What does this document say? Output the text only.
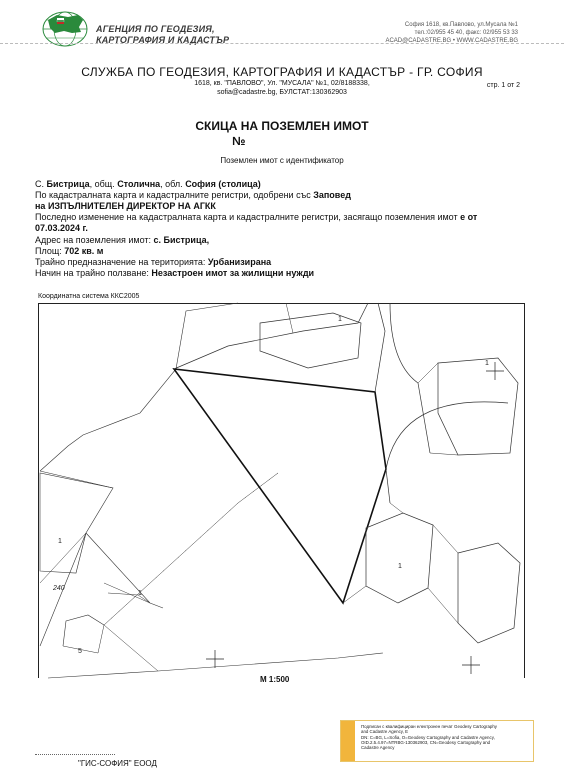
АГЕНЦИЯ ПО ГЕОДЕЗИЯ,
КАРТОГРАФИЯ И КАДАСТЪР
София 1618, кв.Павлово, ул.Мусала №1
тел.:02/955 45 40, факс: 02/955 53 33
ACAD@CADASTRE.BG • WWW.CADASTRE.BG
стр. 1 от 2
СЛУЖБА ПО ГЕОДЕЗИЯ, КАРТОГРАФИЯ И КАДАСТЪР - ГР. СОФИЯ
1618, кв. "ПАВЛОВО", Ул. "МУСАЛА" №1, 02/8188338,
sofia@cadastre.bg, БУЛСТАТ:130362903
СКИЦА НА ПОЗЕМЛЕН ИМОТ
№
Поземлен имот с идентификатор
С. Бистрица, общ. Столична, обл. София (столица)
По кадастралната карта и кадастралните регистри, одобрени със Заповед
на ИЗПЪЛНИТЕЛЕН ДИРЕКТОР НА АГКК
Последно изменение на кадастралната карта и кадастралните регистри, засягащо поземления имот е от
07.03.2024 г.
Адрес на поземления имот: с. Бистрица,
Площ: 702 кв. м
Трайно предназначение на територията: Урбанизирана
Начин на трайно ползване: Незастроен имот за жилищни нужди
Координатна система ККС2005
1
1
1
1
1
240
5
М 1:500
Подписан с квалифициран електронен печат Geodesy Cartography
and Cadastre Agency, E
DN: C=BG, L=Sofia, O=Geodesy Cartography and Cadastre Agency,
OID.2.5.4.97=NTRBG-130362903, CN=Geodesy Cartography and
Cadastre Agency
"ГИС-СОФИЯ" ЕООД
